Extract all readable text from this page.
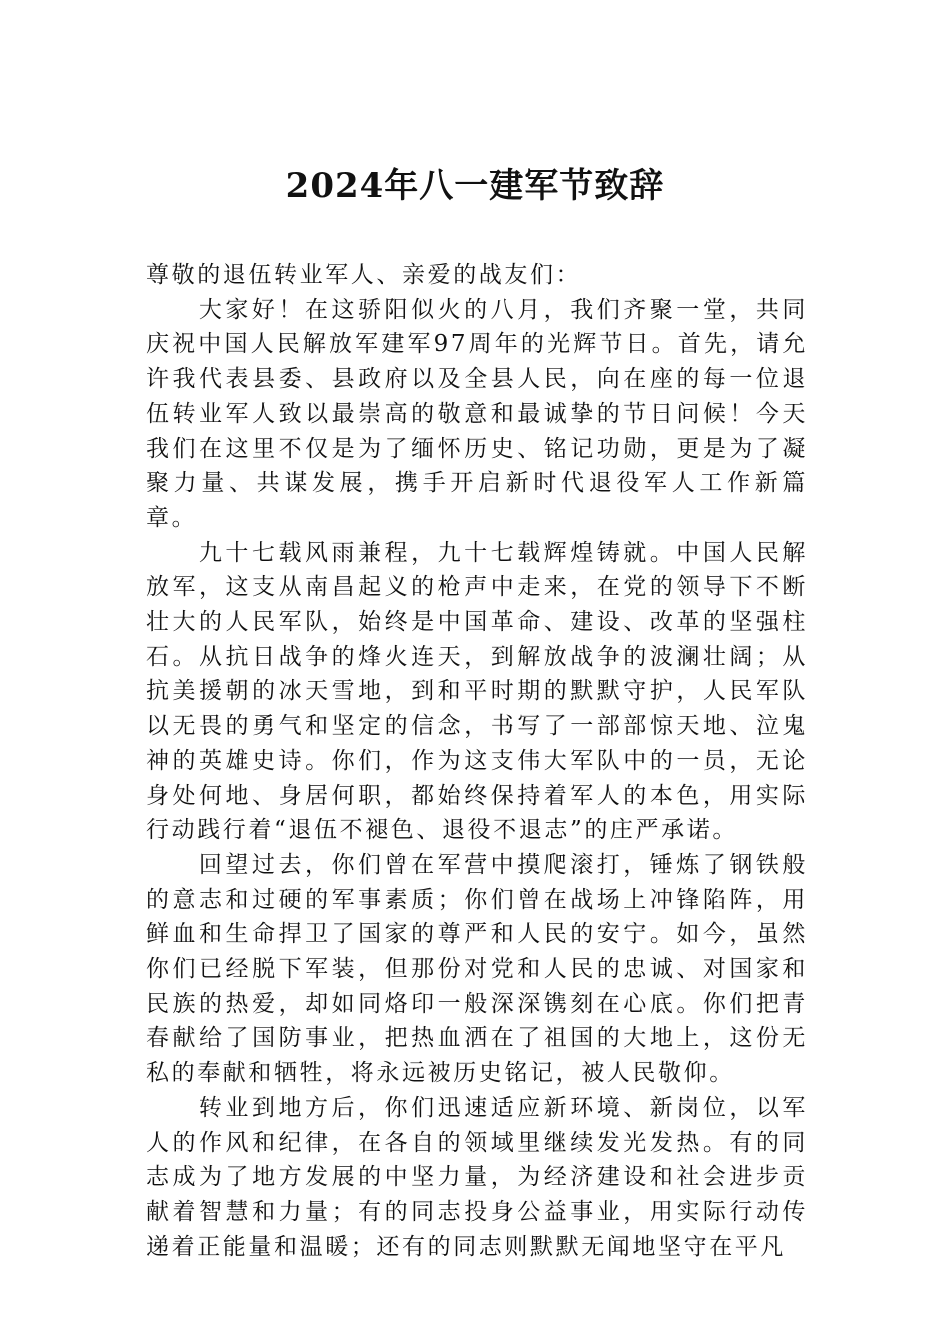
2024年八一建军节致辞

尊敬的退伍转业军人、亲爱的战友们：

大家好！在这骄阳似火的八月，我们齐聚一堂，共同庆祝中国人民解放军建军97周年的光辉节日。首先，请允许我代表县委、县政府以及全县人民，向在座的每一位退伍转业军人致以最崇高的敬意和最诚挚的节日问候！今天我们在这里不仅是为了缅怀历史、铭记功勋，更是为了凝聚力量、共谋发展，携手开启新时代退役军人工作新篇章。

九十七载风雨兼程，九十七载辉煌铸就。中国人民解放军，这支从南昌起义的枪声中走来，在党的领导下不断壮大的人民军队，始终是中国革命、建设、改革的坚强柱石。从抗日战争的烽火连天，到解放战争的波澜壮阔；从抗美援朝的冰天雪地，到和平时期的默默守护，人民军队以无畏的勇气和坚定的信念，书写了一部部惊天地、泣鬼神的英雄史诗。你们，作为这支伟大军队中的一员，无论身处何地、身居何职，都始终保持着军人的本色，用实际行动践行着“退伍不褪色、退役不退志”的庄严承诺。

回望过去，你们曾在军营中摸爬滚打，锤炼了钢铁般的意志和过硬的军事素质；你们曾在战场上冲锋陷阵，用鲜血和生命捍卫了国家的尊严和人民的安宁。如今，虽然你们已经脱下军装，但那份对党和人民的忠诚、对国家和民族的热爱，却如同烙印一般深深镌刻在心底。你们把青春献给了国防事业，把热血洒在了祖国的大地上，这份无私的奉献和牺牲，将永远被历史铭记，被人民敬仰。

转业到地方后，你们迅速适应新环境、新岗位，以军人的作风和纪律，在各自的领域里继续发光发热。有的同志成为了地方发展的中坚力量，为经济建设和社会进步贡献着智慧和力量；有的同志投身公益事业，用实际行动传递着正能量和温暖；还有的同志则默默无闻地坚守在平凡
